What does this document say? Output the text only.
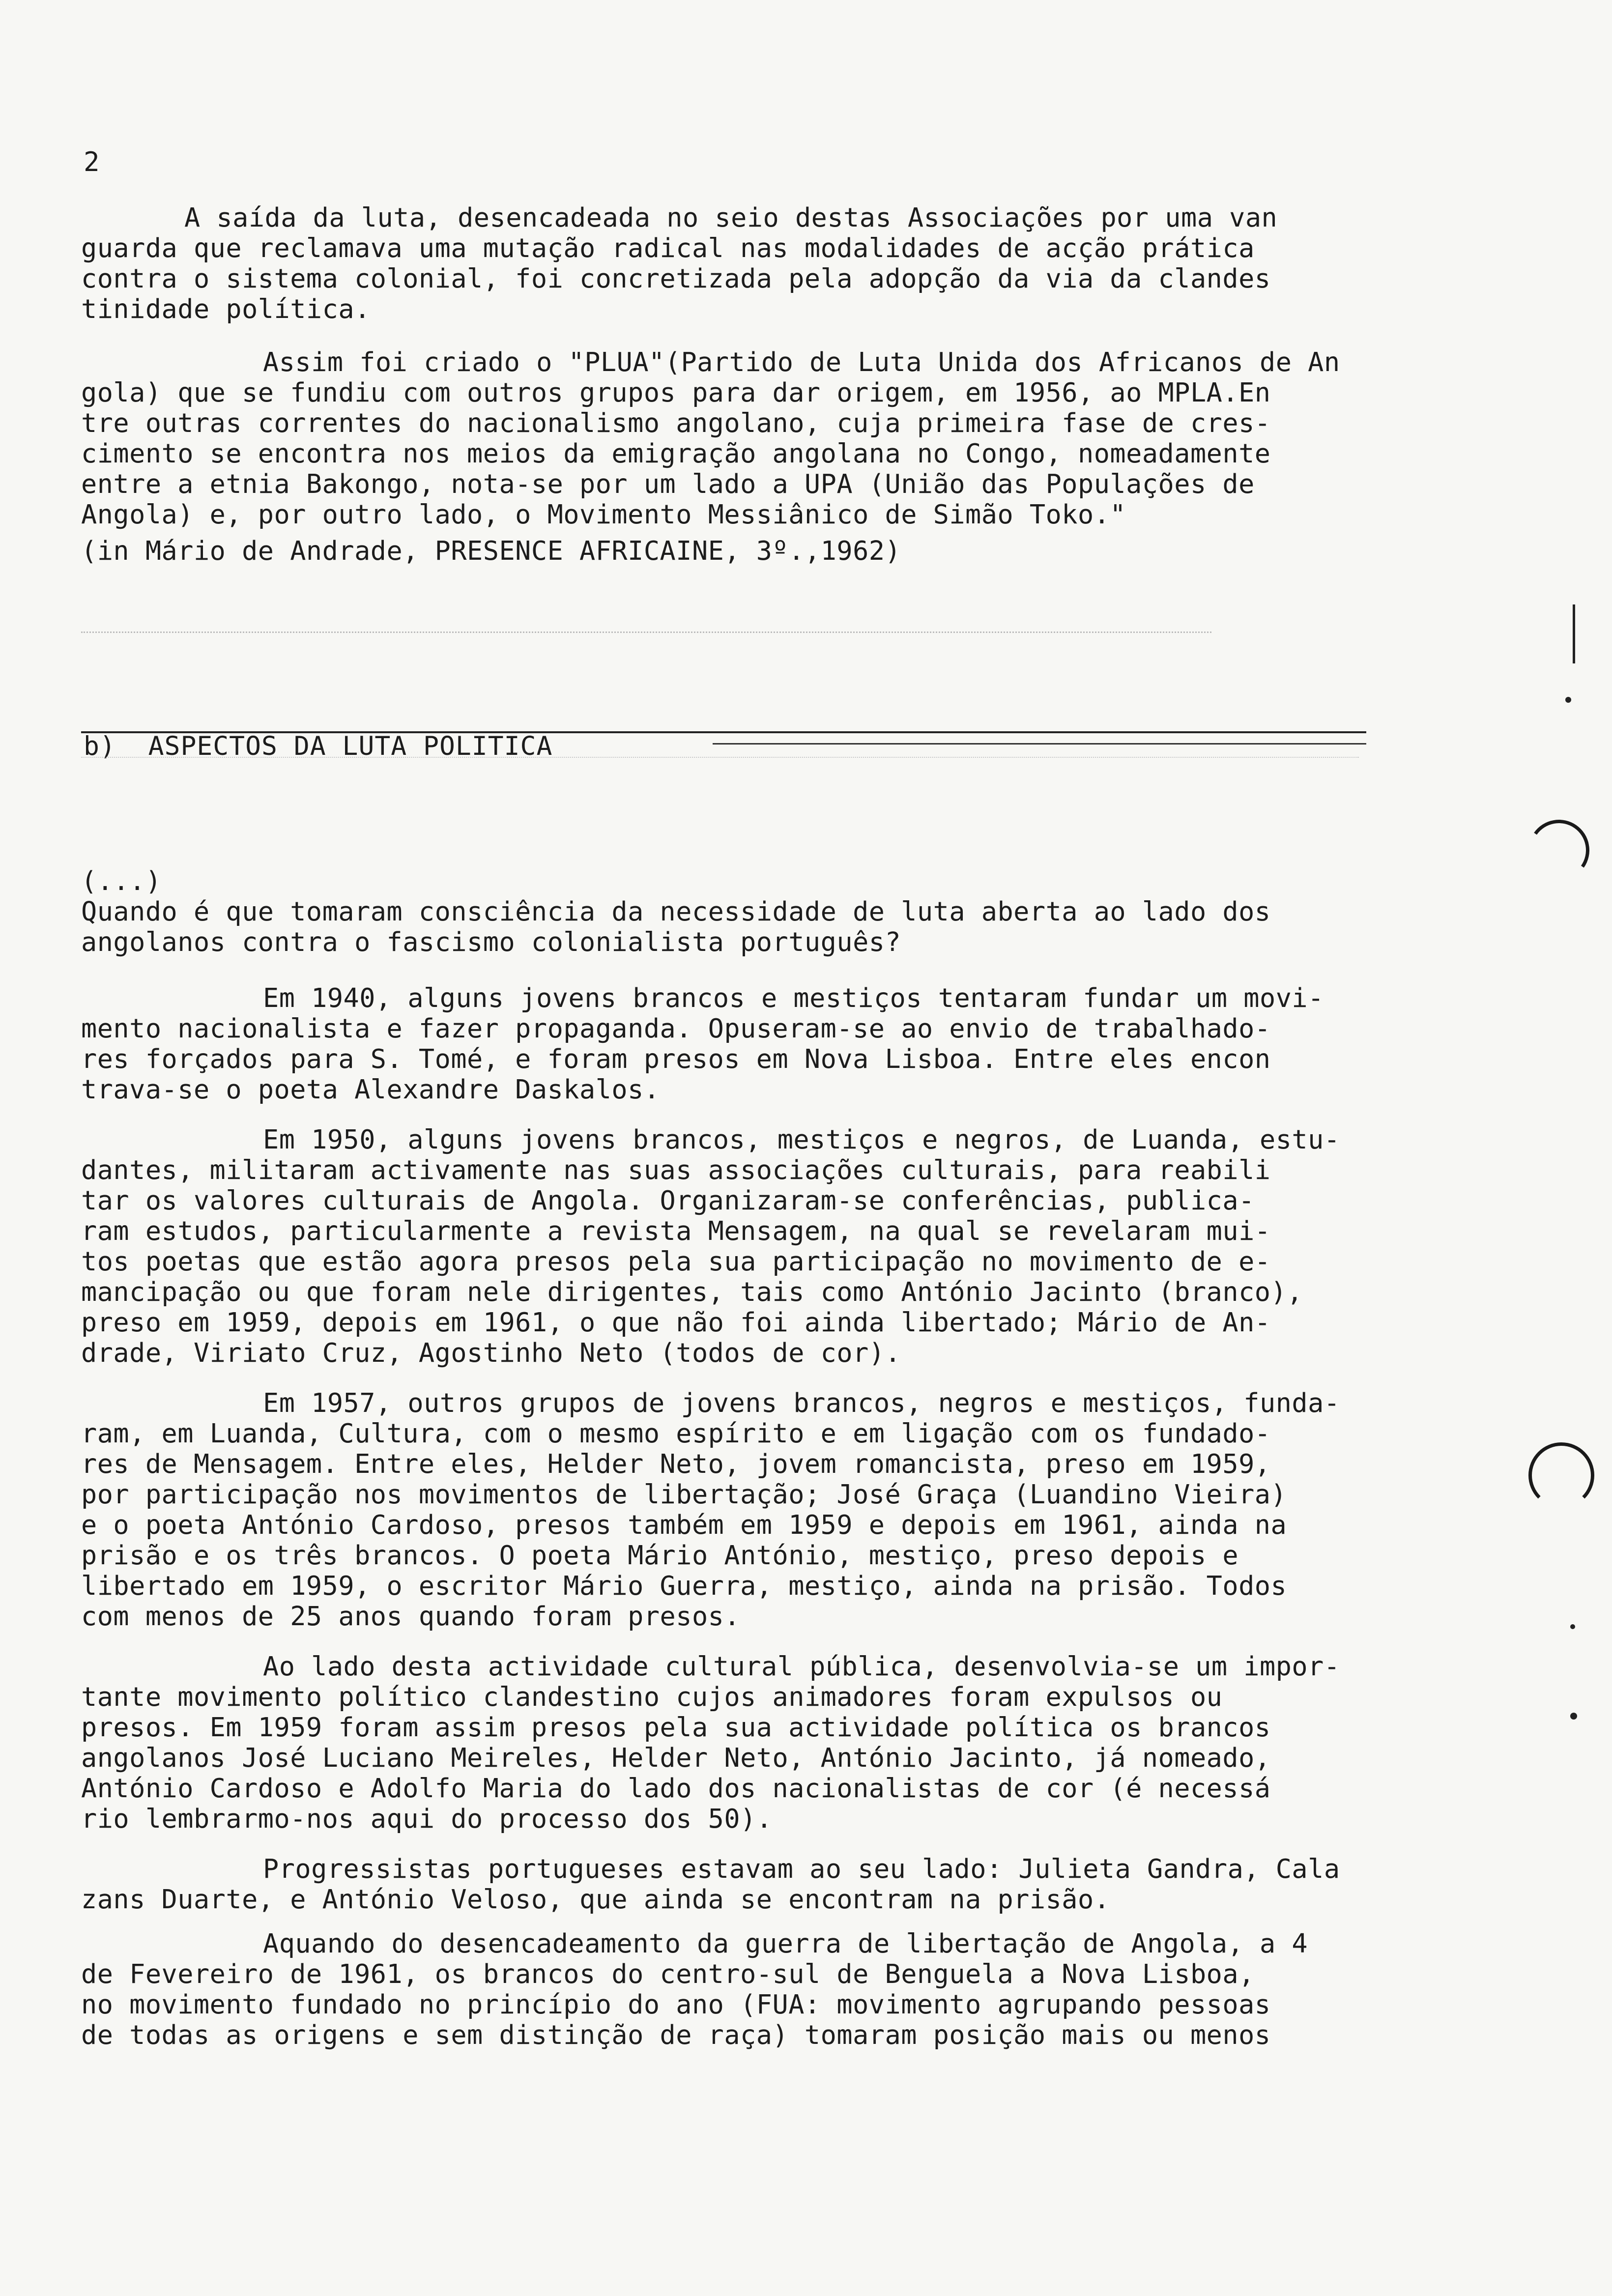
2
A saída da luta, desencadeada no seio destas Associações por uma van
guarda que reclamava uma mutação radical nas modalidades de acção prática
contra o sistema colonial, foi concretizada pela adopção da via da clandes
tinidade política.
Assim foi criado o "PLUA"(Partido de Luta Unida dos Africanos de An
gola) que se fundiu com outros grupos para dar origem, em 1956, ao MPLA.En
tre outras correntes do nacionalismo angolano, cuja primeira fase de cres-
cimento se encontra nos meios da emigração angolana no Congo, nomeadamente
entre a etnia Bakongo, nota-se por um lado a UPA (União das Populações de
Angola) e, por outro lado, o Movimento Messiânico de Simão Toko."
(in Mário de Andrade, PRESENCE AFRICAINE, 3º.,1962)
b)  ASPECTOS DA LUTA POLITICA
(...)
Quando é que tomaram consciência da necessidade de luta aberta ao lado dos
angolanos contra o fascismo colonialista português?
Em 1940, alguns jovens brancos e mestiços tentaram fundar um movi-
mento nacionalista e fazer propaganda. Opuseram-se ao envio de trabalhado-
res forçados para S. Tomé, e foram presos em Nova Lisboa. Entre eles encon
trava-se o poeta Alexandre Daskalos.
Em 1950, alguns jovens brancos, mestiços e negros, de Luanda, estu-
dantes, militaram activamente nas suas associações culturais, para reabili
tar os valores culturais de Angola. Organizaram-se conferências, publica-
ram estudos, particularmente a revista Mensagem, na qual se revelaram mui-
tos poetas que estão agora presos pela sua participação no movimento de e-
mancipação ou que foram nele dirigentes, tais como António Jacinto (branco),
preso em 1959, depois em 1961, o que não foi ainda libertado; Mário de An-
drade, Viriato Cruz, Agostinho Neto (todos de cor).
Em 1957, outros grupos de jovens brancos, negros e mestiços, funda-
ram, em Luanda, Cultura, com o mesmo espírito e em ligação com os fundado-
res de Mensagem. Entre eles, Helder Neto, jovem romancista, preso em 1959,
por participação nos movimentos de libertação; José Graça (Luandino Vieira)
e o poeta António Cardoso, presos também em 1959 e depois em 1961, ainda na
prisão e os três brancos. O poeta Mário António, mestiço, preso depois e
libertado em 1959, o escritor Mário Guerra, mestiço, ainda na prisão. Todos
com menos de 25 anos quando foram presos.
Ao lado desta actividade cultural pública, desenvolvia-se um impor-
tante movimento político clandestino cujos animadores foram expulsos ou
presos. Em 1959 foram assim presos pela sua actividade política os brancos
angolanos José Luciano Meireles, Helder Neto, António Jacinto, já nomeado,
António Cardoso e Adolfo Maria do lado dos nacionalistas de cor (é necessá
rio lembrarmo-nos aqui do processo dos 50).
Progressistas portugueses estavam ao seu lado: Julieta Gandra, Cala
zans Duarte, e António Veloso, que ainda se encontram na prisão.
Aquando do desencadeamento da guerra de libertação de Angola, a 4
de Fevereiro de 1961, os brancos do centro-sul de Benguela a Nova Lisboa,
no movimento fundado no princípio do ano (FUA: movimento agrupando pessoas
de todas as origens e sem distinção de raça) tomaram posição mais ou menos
